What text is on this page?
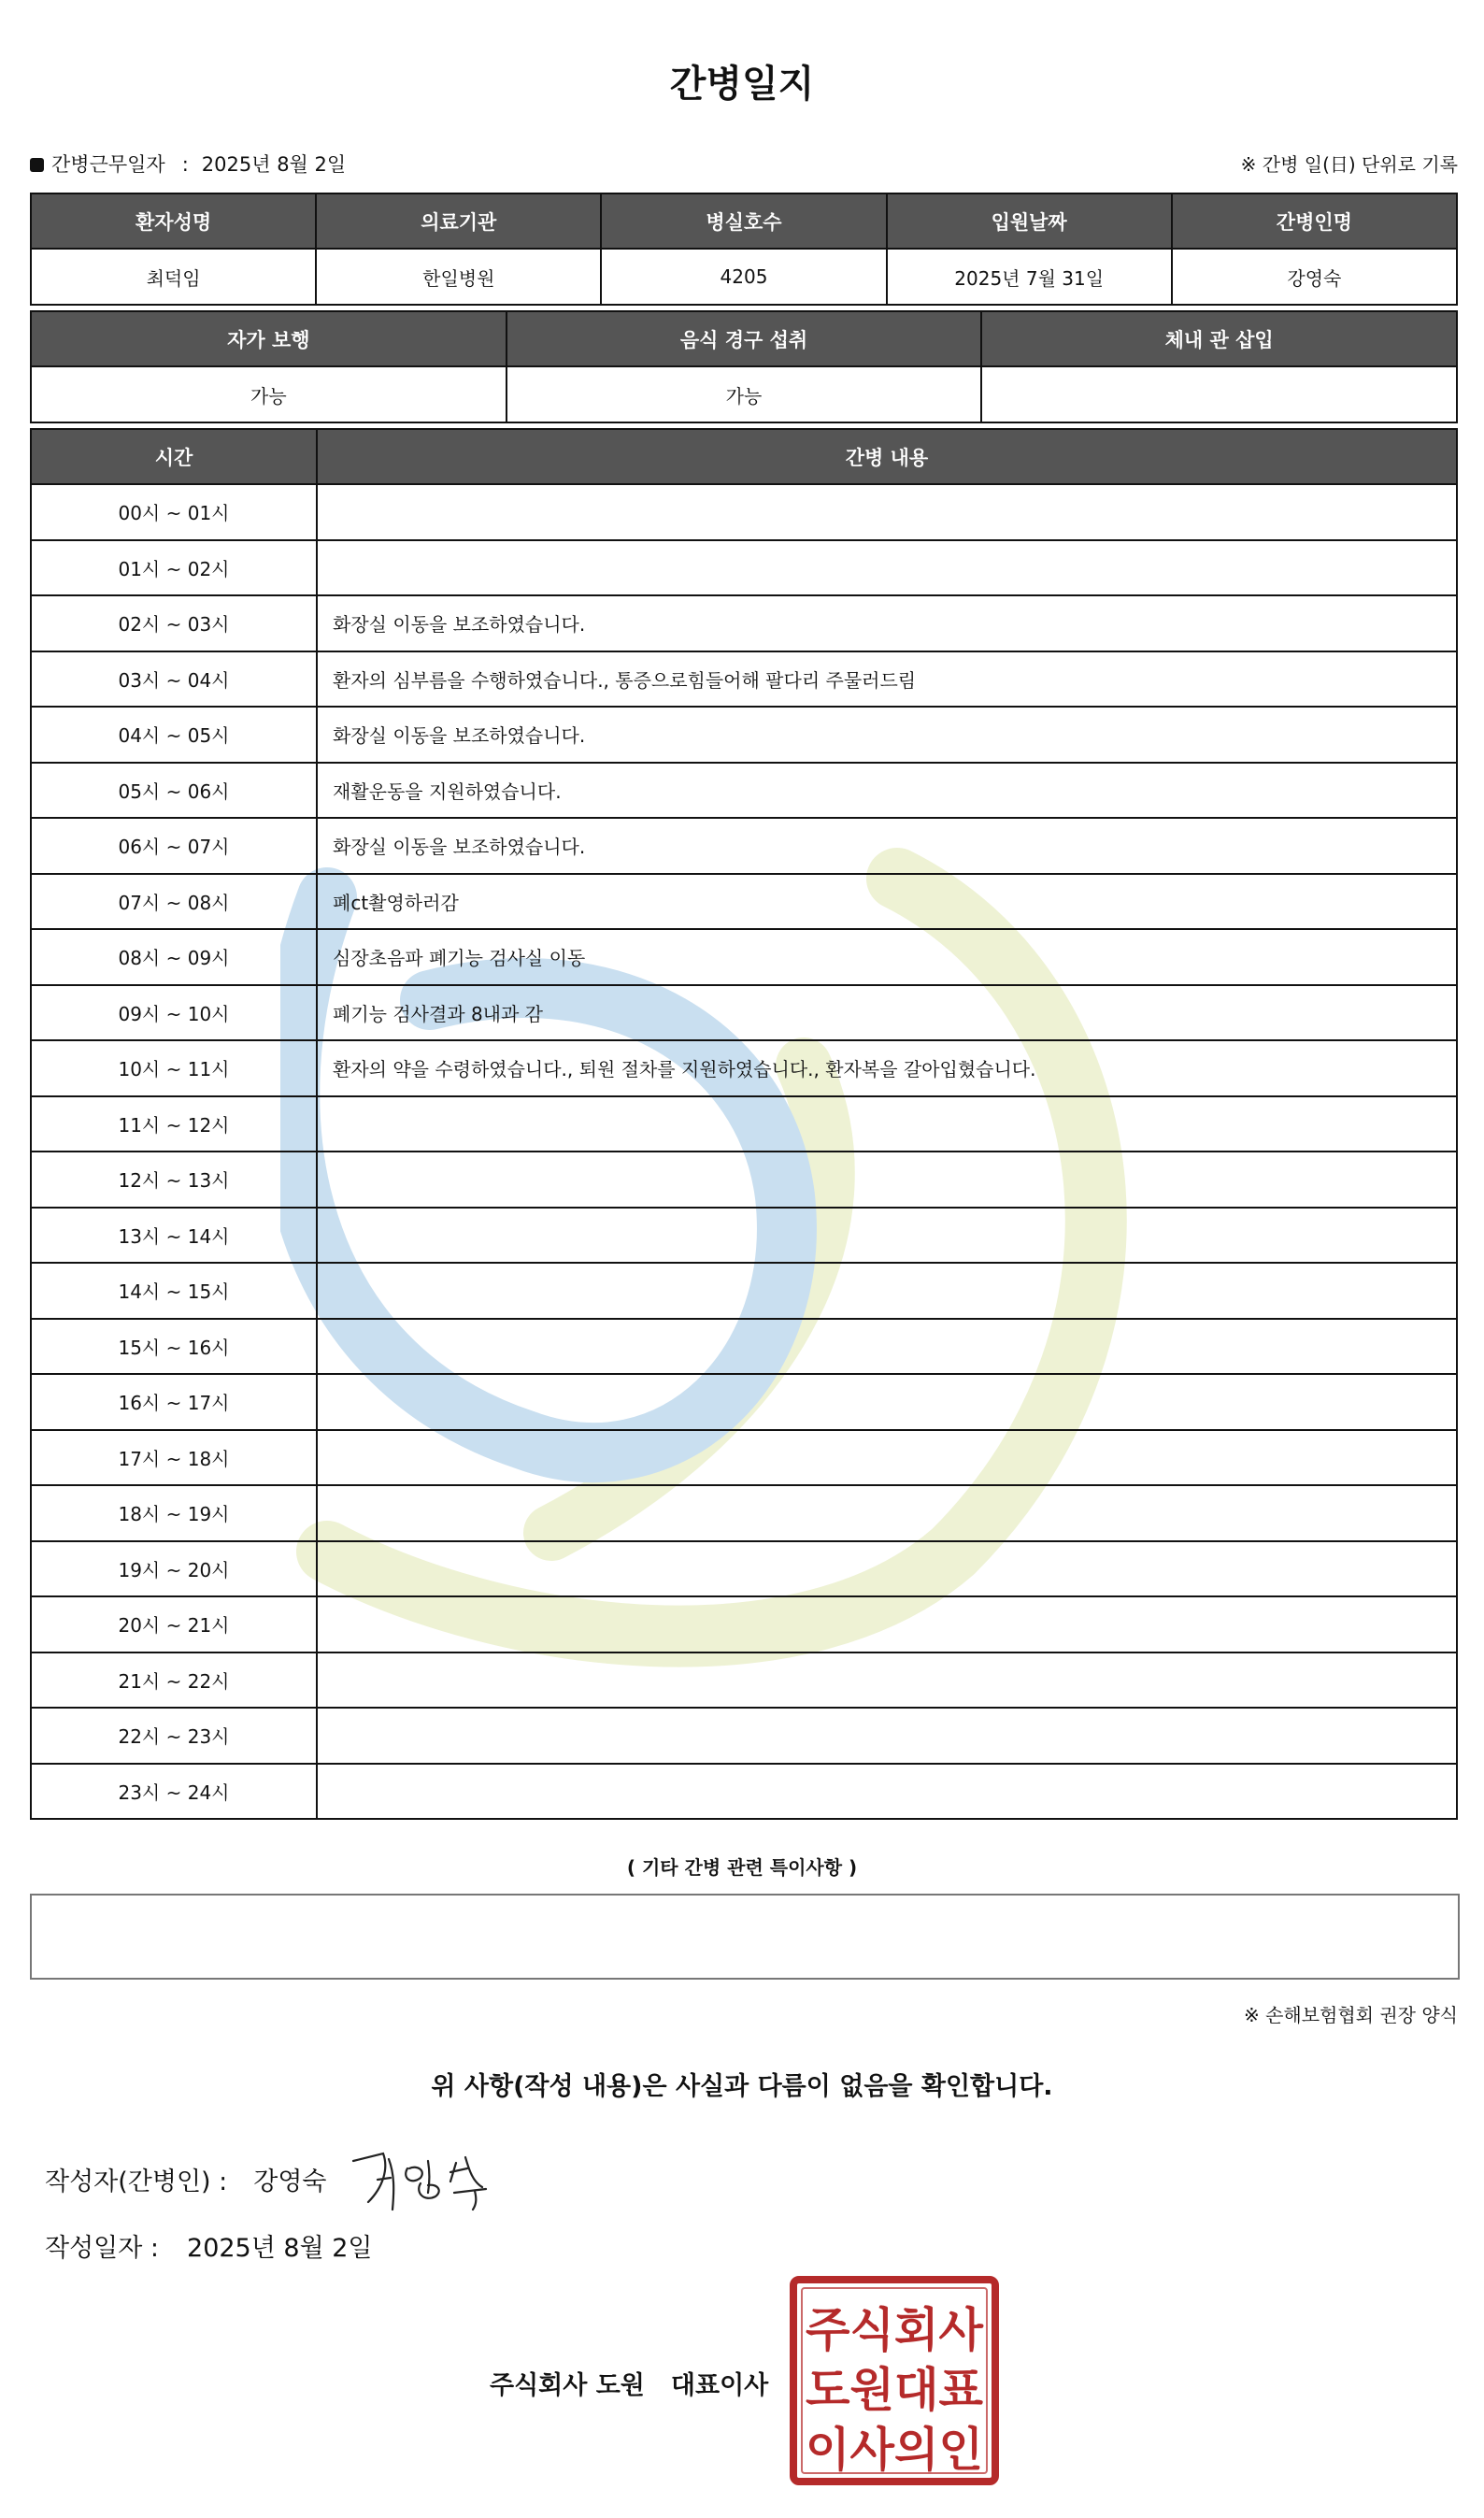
간병일지
간병근무일자 : 2025년 8월 2일	※ 간병 일(日) 단위로 기록
환자성명	의료기관	병실호수	입원날짜	간병인명
최덕임	한일병원	4205	2025년 7월 31일	강영숙
자가 보행	음식 경구 섭취	체내 관 삽입
가능	가능	
시간	간병 내용
00시 ~ 01시	
01시 ~ 02시	
02시 ~ 03시	화장실 이동을 보조하였습니다.
03시 ~ 04시	환자의 심부름을 수행하였습니다., 통증으로힘들어해 팔다리 주물러드림
04시 ~ 05시	화장실 이동을 보조하였습니다.
05시 ~ 06시	재활운동을 지원하였습니다.
06시 ~ 07시	화장실 이동을 보조하였습니다.
07시 ~ 08시	폐ct촬영하러감
08시 ~ 09시	심장초음파 폐기능 검사실 이동
09시 ~ 10시	폐기능 검사결과 8내과 감
10시 ~ 11시	환자의 약을 수령하였습니다., 퇴원 절차를 지원하였습니다., 환자복을 갈아입혔습니다.
11시 ~ 12시	
12시 ~ 13시	
13시 ~ 14시	
14시 ~ 15시	
15시 ~ 16시	
16시 ~ 17시	
17시 ~ 18시	
18시 ~ 19시	
19시 ~ 20시	
20시 ~ 21시	
21시 ~ 22시	
22시 ~ 23시	
23시 ~ 24시	
( 기타 간병 관련 특이사항 )
※ 손해보험협회 권장 양식
위 사항(작성 내용)은 사실과 다름이 없음을 확인합니다.
작성자(간병인) : 강영숙
작성일자 : 2025년 8월 2일
주식회사 도원 대표이사
주식회사
도원대표
이사의인
